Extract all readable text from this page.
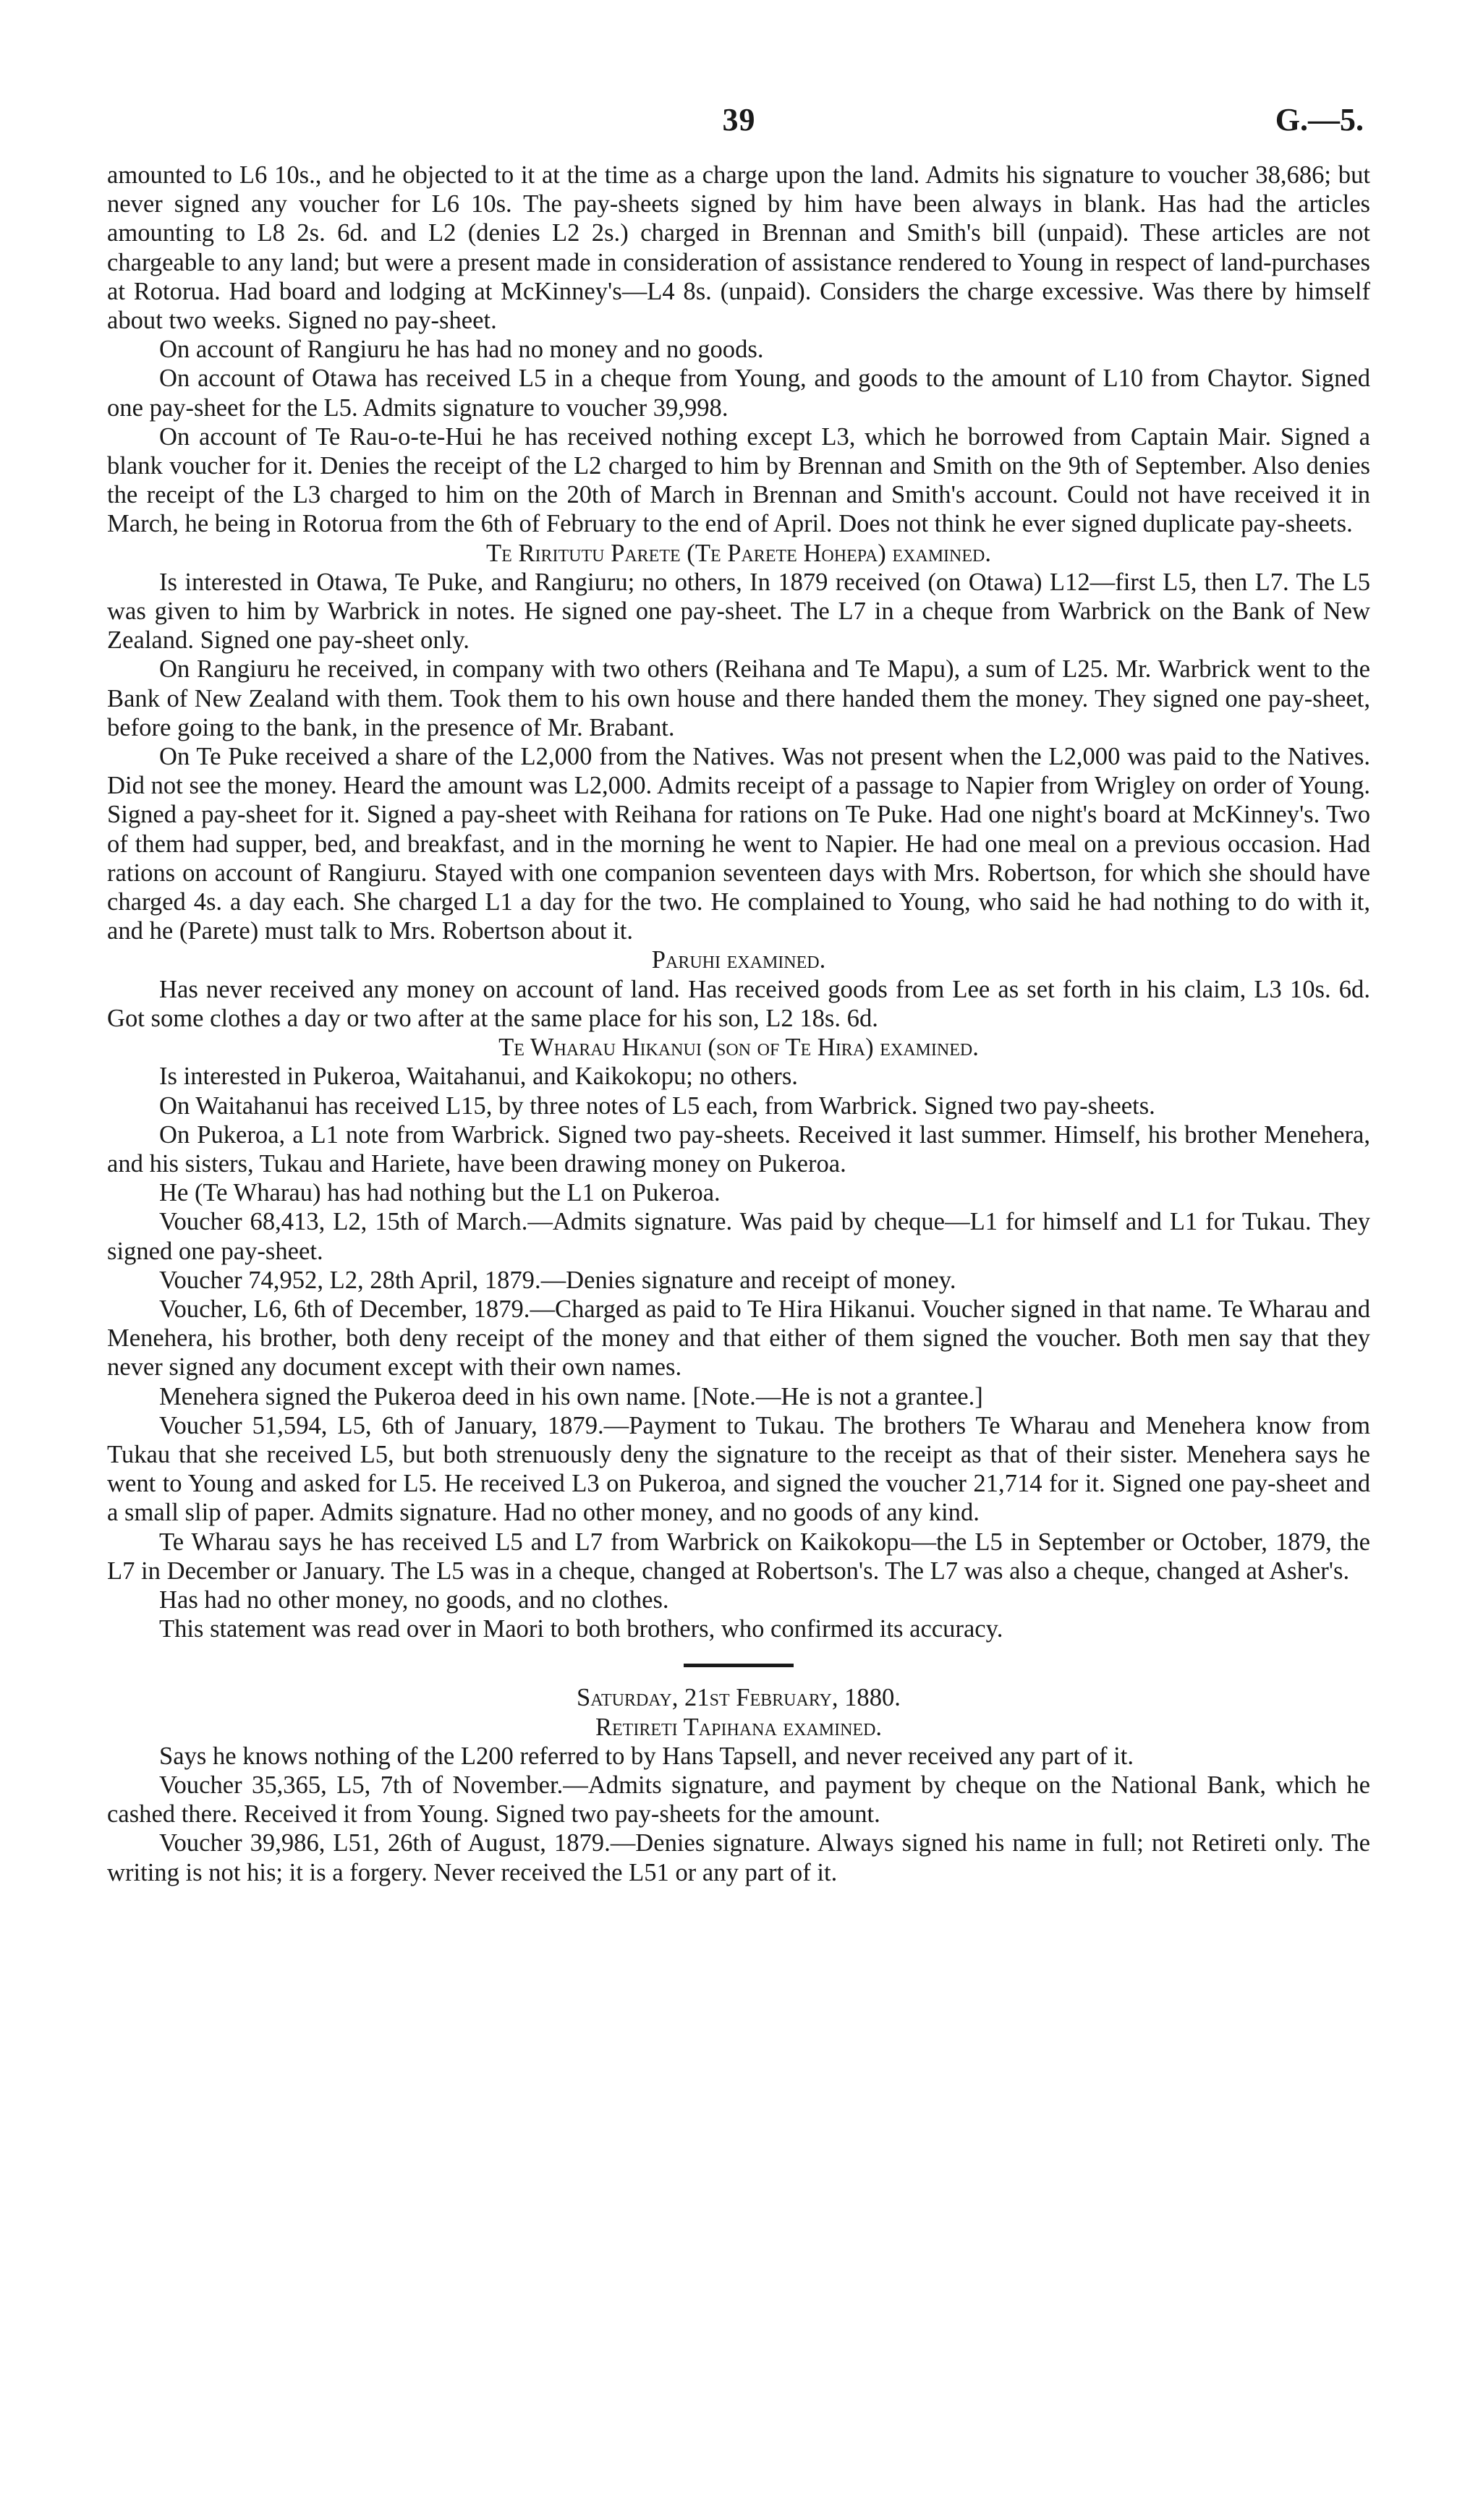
39	G.—5.

amounted to L6 10s., and he objected to it at the time as a charge upon the land. Admits his signature to voucher 38,686; but never signed any voucher for L6 10s. The pay-sheets signed by him have been always in blank. Has had the articles amounting to L8 2s. 6d. and L2 (denies L2 2s.) charged in Brennan and Smith's bill (unpaid). These articles are not chargeable to any land; but were a present made in consideration of assistance rendered to Young in respect of land-purchases at Rotorua. Had board and lodging at McKinney's—L4 8s. (unpaid). Considers the charge excessive. Was there by himself about two weeks. Signed no pay-sheet.

On account of Rangiuru he has had no money and no goods.

On account of Otawa has received L5 in a cheque from Young, and goods to the amount of L10 from Chaytor. Signed one pay-sheet for the L5. Admits signature to voucher 39,998.

On account of Te Rau-o-te-Hui he has received nothing except L3, which he borrowed from Captain Mair. Signed a blank voucher for it. Denies the receipt of the L2 charged to him by Brennan and Smith on the 9th of September. Also denies the receipt of the L3 charged to him on the 20th of March in Brennan and Smith's account. Could not have received it in March, he being in Rotorua from the 6th of February to the end of April. Does not think he ever signed duplicate pay-sheets.

Te Riritutu Parete (Te Parete Hohepa) examined.

Is interested in Otawa, Te Puke, and Rangiuru; no others, In 1879 received (on Otawa) L12—first L5, then L7. The L5 was given to him by Warbrick in notes. He signed one pay-sheet. The L7 in a cheque from Warbrick on the Bank of New Zealand. Signed one pay-sheet only.

On Rangiuru he received, in company with two others (Reihana and Te Mapu), a sum of L25. Mr. Warbrick went to the Bank of New Zealand with them. Took them to his own house and there handed them the money. They signed one pay-sheet, before going to the bank, in the presence of Mr. Brabant.

On Te Puke received a share of the L2,000 from the Natives. Was not present when the L2,000 was paid to the Natives. Did not see the money. Heard the amount was L2,000. Admits receipt of a passage to Napier from Wrigley on order of Young. Signed a pay-sheet for it. Signed a pay-sheet with Reihana for rations on Te Puke. Had one night's board at McKinney's. Two of them had supper, bed, and breakfast, and in the morning he went to Napier. He had one meal on a previous occasion. Had rations on account of Rangiuru. Stayed with one companion seventeen days with Mrs. Robertson, for which she should have charged 4s. a day each. She charged L1 a day for the two. He complained to Young, who said he had nothing to do with it, and he (Parete) must talk to Mrs. Robertson about it.

Paruhi examined.

Has never received any money on account of land. Has received goods from Lee as set forth in his claim, L3 10s. 6d. Got some clothes a day or two after at the same place for his son, L2 18s. 6d.

Te Wharau Hikanui (son of Te Hira) examined.

Is interested in Pukeroa, Waitahanui, and Kaikokopu; no others.

On Waitahanui has received L15, by three notes of L5 each, from Warbrick. Signed two pay-sheets.

On Pukeroa, a L1 note from Warbrick. Signed two pay-sheets. Received it last summer. Himself, his brother Menehera, and his sisters, Tukau and Hariete, have been drawing money on Pukeroa.

He (Te Wharau) has had nothing but the L1 on Pukeroa.

Voucher 68,413, L2, 15th of March.—Admits signature. Was paid by cheque—L1 for himself and L1 for Tukau. They signed one pay-sheet.

Voucher 74,952, L2, 28th April, 1879.—Denies signature and receipt of money.

Voucher, L6, 6th of December, 1879.—Charged as paid to Te Hira Hikanui. Voucher signed in that name. Te Wharau and Menehera, his brother, both deny receipt of the money and that either of them signed the voucher. Both men say that they never signed any document except with their own names.

Menehera signed the Pukeroa deed in his own name. [Note.—He is not a grantee.]

Voucher 51,594, L5, 6th of January, 1879.—Payment to Tukau. The brothers Te Wharau and Menehera know from Tukau that she received L5, but both strenuously deny the signature to the receipt as that of their sister. Menehera says he went to Young and asked for L5. He received L3 on Pukeroa, and signed the voucher 21,714 for it. Signed one pay-sheet and a small slip of paper. Admits signature. Had no other money, and no goods of any kind.

Te Wharau says he has received L5 and L7 from Warbrick on Kaikokopu—the L5 in September or October, 1879, the L7 in December or January. The L5 was in a cheque, changed at Robertson's. The L7 was also a cheque, changed at Asher's.

Has had no other money, no goods, and no clothes.

This statement was read over in Maori to both brothers, who confirmed its accuracy.

Saturday, 21st February, 1880.

Retireti Tapihana examined.

Says he knows nothing of the L200 referred to by Hans Tapsell, and never received any part of it.

Voucher 35,365, L5, 7th of November.—Admits signature, and payment by cheque on the National Bank, which he cashed there. Received it from Young. Signed two pay-sheets for the amount.

Voucher 39,986, L51, 26th of August, 1879.—Denies signature. Always signed his name in full; not Retireti only. The writing is not his; it is a forgery. Never received the L51 or any part of it.
